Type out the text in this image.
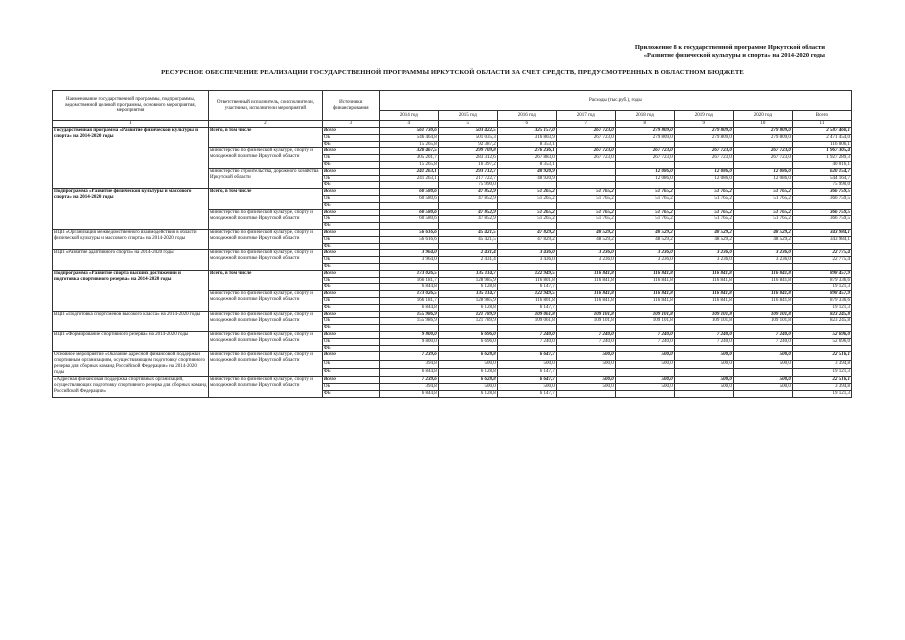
Приложение 8 к государственной программе Иркутской области
«Развитие физической культуры и спорта» на 2014-2020 годы
РЕСУРСНОЕ ОБЕСПЕЧЕНИЕ РЕАЛИЗАЦИИ ГОСУДАРСТВЕННОЙ ПРОГРАММЫ ИРКУТСКОЙ ОБЛАСТИ ЗА СЧЕТ СРЕДСТВ, ПРЕДУСМОТРЕННЫХ В ОБЛАСТНОМ БЮДЖЕТЕ
Наименование государственной программы, подпрограммы, ведомственной целевой программы, основного мероприятия, мероприятия	Ответственный исполнитель, соисполнители, участники, исполнители мероприятий	Источники финансирования	Расходы (тыс.руб.), годы							
			2014 год	2015 год	2016 год	2017 год	2018 год	2019 год	2020 год	Всего
1	2	3	4	5	6	7	8	9	10	11
Государственная программа «Развитие физической культуры и спорта» на 2014-2020 годы	Всего, в том числе	Всего	561 730,6	503 422,5	325 157,0	267 723,0	279 809,0	279 809,0	279 809,0	2 587 460,1
		ОБ	546 464,8	501 035,3	316 803,9	267 723,0	279 809,0	279 809,0	279 809,0	2 471 454,0
		ФБ	15 265,8	92 387,2	8 353,1					116 006,1
	министерство по физической культуре, спорту и молодежной политике Иркутской области	Всего	320 467,5	299 709,8	276 236,1	267 723,0	267 723,0	267 723,0	267 723,0	1 967 305,4
		ОБ	305 201,7	283 312,6	267 883,0	267 723,0	267 723,0	267 723,0	267 723,0	1 927 289,3
		ФБ	15 265,8	16 397,2	8 353,1					40 016,1
	министерство строительства, дорожного хозяйства Иркутской области	Всего	241 263,1	293 712,7	48 920,9		12 086,0	12 086,0	12 086,0	620 154,7
		ОБ	241 263,1	217 722,7	48 920,9		12 086,0	12 086,0	12 086,0	544 164,7
		ФБ		75 990,0						75 990,0
Подпрограмма «Развитие физической культуры и массового спорта» на 2014-2020 годы	Всего, в том числе	Всего	60 580,6	47 852,9	51 265,2	51 765,2	51 765,2	51 765,2	51 765,2	366 759,5
		ОБ	60 580,6	47 852,9	51 265,2	51 765,2	51 765,2	51 765,2	51 765,2	366 759,5
		ФБ								
	министерство по физической культуре, спорту и молодежной политике Иркутской области	Всего	60 580,6	47 852,9	51 265,2	51 765,2	51 765,2	51 765,2	51 765,2	366 759,5
		ОБ	60 580,6	47 852,9	51 265,2	51 765,2	51 765,2	51 765,2	51 765,2	366 759,5
		ФБ								
ВЦП «Организация межведомственного взаимодействия в области физической культуры и массового спорта» на 2014-2020 годы	министерство по физической культуре, спорту и молодежной политике Иркутской области	Всего	56 616,6	45 421,5	47 829,2	48 529,2	48 529,2	48 529,2	48 529,2	343 984,1
		ОБ	56 616,6	45 421,5	47 829,2	48 529,2	48 529,2	48 529,2	48 529,2	343 984,1
		ФБ								
ВЦП «Развитие адаптивного спорта» на 2014-2020 годы	министерство по физической культуре, спорту и молодежной политике Иркутской области	Всего	3 964,0	2 431,4	3 436,0	3 236,0	3 236,0	3 236,0	3 236,0	22 775,4
		ОБ	3 964,0	2 431,4	3 436,0	3 236,0	3 236,0	3 236,0	3 236,0	22 775,4
		ФБ								
Подпрограмма «Развитие спорта высших достижений и подготовка спортивного резерва» на 2014-2020 годы	Всего, в том числе	Всего	173 026,5	135 114,7	122 949,5	116 841,8	116 841,8	116 841,8	116 841,8	898 457,9
		ОБ	166 181,7	128 985,9	116 801,8	116 841,8	116 841,8	116 841,8	116 841,8	879 336,6
		ФБ	6 844,8	6 128,8	6 147,7					19 121,3
	министерство по физической культуре, спорту и молодежной политике Иркутской области	Всего	173 026,5	135 114,7	122 949,5	116 841,8	116 841,8	116 841,8	116 841,8	898 457,9
		ОБ	166 181,7	128 985,9	116 801,8	116 841,8	116 841,8	116 841,8	116 841,8	879 336,6
		ФБ	6 844,8	6 128,8	6 147,7					19 121,3
ВЦП «Подготовка спортсменов высокого класса» на 2014-2020 годы	министерство по физической культуре, спорту и молодежной политике Иркутской области	Всего	155 986,9	121 789,9	109 061,8	109 101,8	109 101,8	109 101,8	109 101,8	823 245,8
		ОБ	155 986,9	121 789,9	109 061,8	109 101,8	109 101,8	109 101,8	109 101,8	823 245,8
		ФБ								
ВЦП «Формирование спортивного резерва» на 2014-2020 годы	министерство по физической культуре, спорту и молодежной политике Иркутской области	Всего	9 800,0	6 696,0	7 240,0	7 240,0	7 240,0	7 240,0	7 240,0	52 696,0
		ОБ	9 800,0	6 696,0	7 240,0	7 240,0	7 240,0	7 240,0	7 240,0	52 696,0
		ФБ								
Основное мероприятие «Оказание адресной финансовой поддержки спортивным организациям, осуществляющим подготовку спортивного резерва для сборных команд Российской Федерации» на 2014-2020 годы	министерство по физической культуре, спорту и молодежной политике Иркутской области	Всего	7 239,6	6 628,8	6 647,7	500,0	500,0	500,0	500,0	22 516,1
		ОБ	394,8	500,0	500,0	500,0	500,0	500,0	500,0	3 394,8
		ФБ	6 844,8	6 128,8	6 147,7					19 121,3
«Адресная финансовая поддержка спортивных организаций, осуществляющих подготовку спортивного резерва для сборных команд Российской Федерации»	министерство по физической культуре, спорту и молодежной политике Иркутской области	Всего	7 239,6	6 628,8	6 647,7	500,0	500,0	500,0	500,0	22 516,1
		ОБ	394,8	500,0	500,0	500,0	500,0	500,0	500,0	3 394,8
		ФБ	6 844,8	6 128,8	6 147,7					19 121,3
